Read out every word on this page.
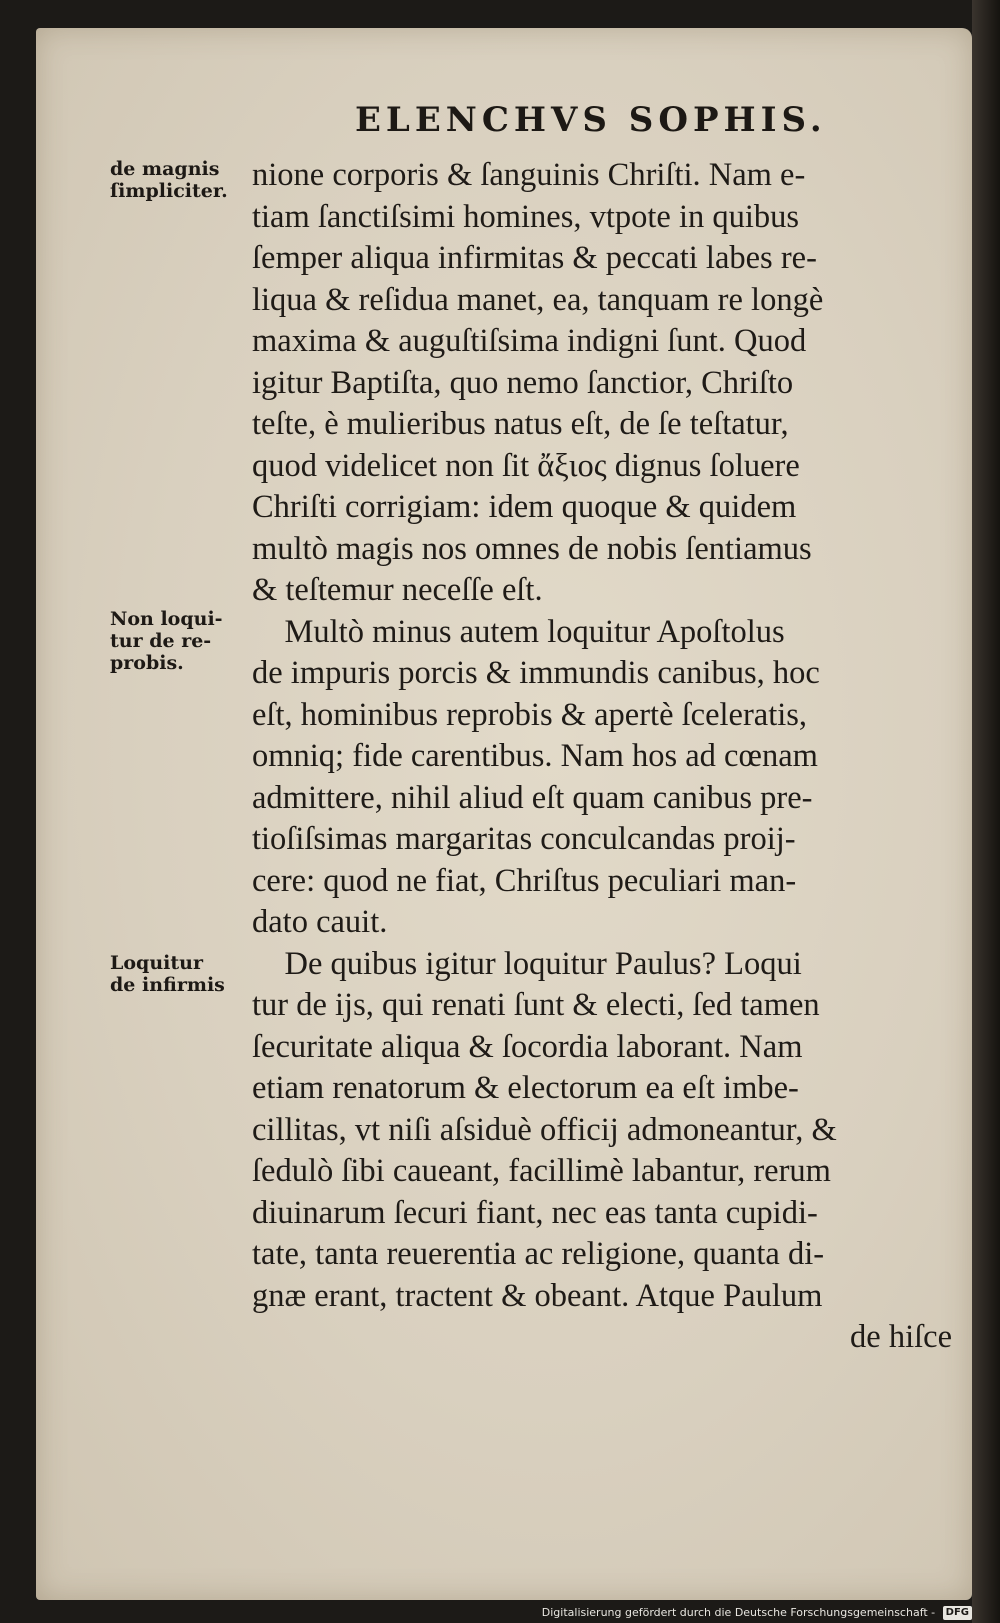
ELENCHVS SOPHIS.
de magnis
ſimpliciter.
Non loqui-
tur de re-
probis.
Loquitur
de infirmis
nione corporis & ſanguinis Chriſti. Nam e-
tiam ſanctiſsimi homines, vtpote in quibus
ſemper aliqua infirmitas & peccati labes re-
liqua & reſidua manet, ea, tanquam re longè
maxima & auguſtiſsima indigni ſunt. Quod
igitur Baptiſta, quo nemo ſanctior, Chriſto
teſte, è mulieribus natus eſt, de ſe teſtatur,
quod videlicet non ſit ἄξιος dignus ſoluere
Chriſti corrigiam: idem quoque & quidem
multò magis nos omnes de nobis ſentiamus
& teſtemur neceſſe eſt.
Multò minus autem loquitur Apoſtolus
de impuris porcis & immundis canibus, hoc
eſt, hominibus reprobis & apertè ſceleratis,
omniq; fide carentibus. Nam hos ad cœnam
admittere, nihil aliud eſt quam canibus pre-
tioſiſsimas margaritas conculcandas proij-
cere: quod ne fiat, Chriſtus peculiari man-
dato cauit.
De quibus igitur loquitur Paulus? Loqui
tur de ijs, qui renati ſunt & electi, ſed tamen
ſecuritate aliqua & ſocordia laborant. Nam
etiam renatorum & electorum ea eſt imbe-
cillitas, vt niſi aſsiduè officij admoneantur, &
ſedulò ſibi caueant, facillimè labantur, rerum
diuinarum ſecuri fiant, nec eas tanta cupidi-
tate, tanta reuerentia ac religione, quanta di-
gnæ erant, tractent & obeant. Atque Paulum
de hiſce
Digitalisierung gefördert durch die Deutsche Forschungsgemeinschaft - DFG
